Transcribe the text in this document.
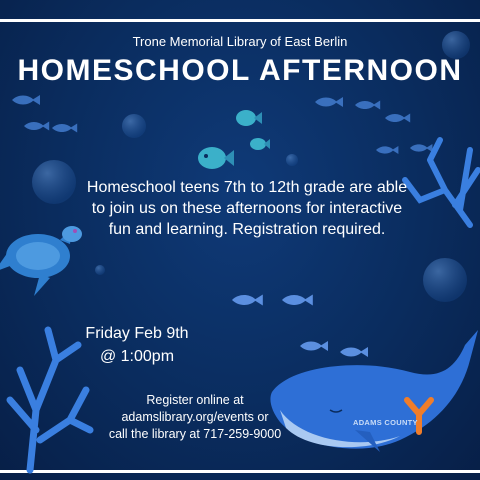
Trone Memorial Library of East Berlin
HOMESCHOOL AFTERNOON
Homeschool teens 7th to 12th grade are able to join us on these afternoons for interactive fun and learning. Registration required.
Friday Feb 9th
@ 1:00pm
Register online at
adamslibrary.org/events or
call the library at 717-259-9000
ADAMS COUNTY
